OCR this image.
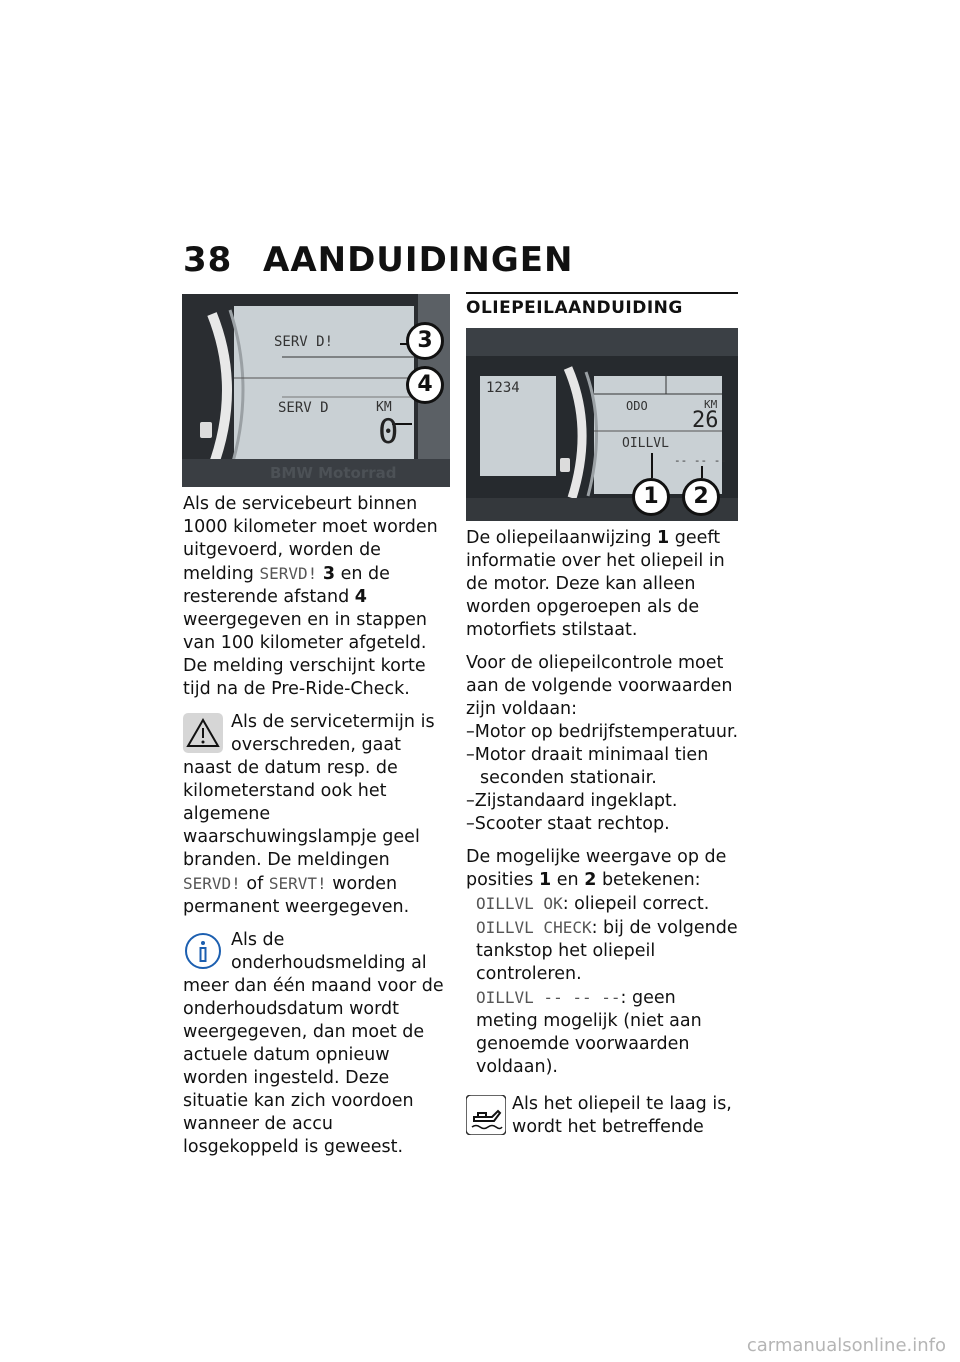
38 AANDUIDINGEN
SERV D!
SERV D	KM
0
BMW Motorrad
3
4

Als de servicebeurt binnen 1000 kilometer moet worden uitgevoerd, worden de melding SERVD! 3 en de resterende afstand 4 weergegeven en in stappen van 100 kilometer afgeteld. De melding verschijnt korte tijd na de Pre-Ride-Check.

Als de servicetermijn is overschreden, gaat naast de datum resp. de kilometerstand ook het algemene waarschuwingslampje geel branden. De meldingen SERVD! of SERVT! worden permanent weergegeven.

Als de onderhoudsmelding al meer dan één maand voor de onderhoudsdatum wordt weergegeven, dan moet de actuele datum opnieuw worden ingesteld. Deze situatie kan zich voordoen wanneer de accu losgekoppeld is geweest.

OLIEPEILAANDUIDING
1234
ODO	KM
26
OILLVL
-- -- --
1	2

De oliepeilaanwijzing 1 geeft informatie over het oliepeil in de motor. Deze kan alleen worden opgeroepen als de motorfiets stilstaat.

Voor de oliepeilcontrole moet aan de volgende voorwaarden zijn voldaan:

–Motor op bedrijfstemperatuur.
–Motor draait minimaal tien seconden stationair.
–Zijstandaard ingeklapt.
–Scooter staat rechtop.

De mogelijke weergave op de posities 1 en 2 betekenen:

OILLVL OK: oliepeil correct.
OILLVL CHECK: bij de volgende tankstop het oliepeil controleren.
OILLVL -- -- --: geen meting mogelijk (niet aan genoemde voorwaarden voldaan).

Als het oliepeil te laag is, wordt het betreffende

carmanualsonline.info
